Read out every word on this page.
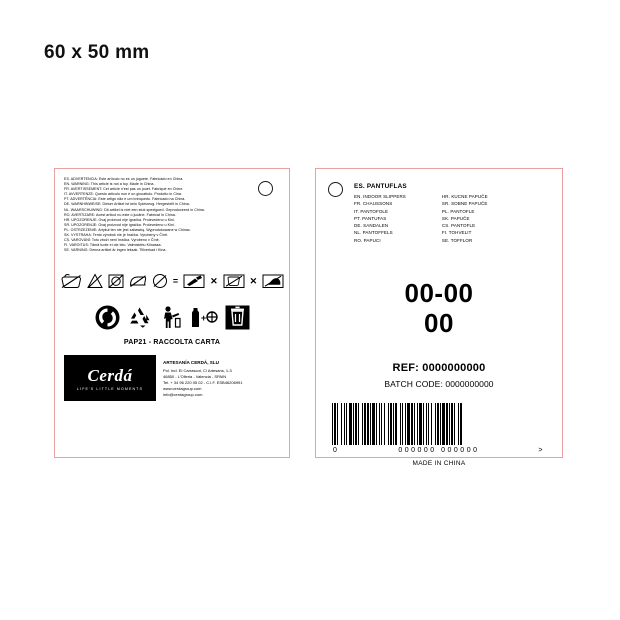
60 x 50 mm
ES. ADVERTENCIA: Este artículo no es un juguete. Fabricado en China.
EN. WARNING: This article is not a toy. Made in China.
FR. AVERTISSEMENT: Cet article n'est pas un jouet. Fabriqué en Chine.
IT. AVVERTENZE: Questo articolo non è un giocattolo. Prodotto in Cina.
PT. ADVERTÊNCIA: Este artigo não e um brinquedo. Fabricado na China.
DE. WARNHINWEISE: Dieser Artikel ist kein Spielzeug. Hergestellt in China.
NL. WAARSCHUWING: Dit artikel is niet een stuk speelgoed. Geproduceerd in China.
RO. AVERTIZARE: Acest articol nu este o jucărie. Fabricat în China.
HR. UPOZORENJE: Ovaj proizvod nije igračka. Proizvedeno u Kini.
SR. UPOZORENJE: Ovaj proizvod nije igračka. Proizvedeno u Kini.
PL. OSTRZEŻENIE: Artykuł ten nie jest zabawką. Wyprodukowane w Chinac.
SK. VYSTRAHA: Tento výrobok nie je hračka. Vyrobeny v Číně.
CS. VAROVÁNÍ: Toto zboží není hračka. Vyrobeno v Číně.
FI. VAROITUS: Tämä tuote ei ole lelu. Valmistettu Kiinassa.
SE. VARNING: Denna artikel är ingen leksak. Tillverkad i Kina.
=	✕	✕
+
PAP21 - RACCOLTA CARTA
Cerdá
LIFE'S LITTLE MOMENTS
ARTESANÍA CERDÁ, SLU
Pol. Ind. El Carrascot, C/ Artesans, 1-3
46850 - L'Olleria - Valencia - SPAIN
Tel. + 34 96 220 05 02 - C.I.F. ESB46206991
www.cerdagroup.com
info@cerdagroup.com
ES. PANTUFLAS
EN. INDOOR SLIPPERS
FR. CHAUSSONS
IT. PANTOFOLE
PT. PANTUFAS
DE. SANDALEN
NL. PANTOFFELS
RO. PAPUCI
HR. KUCNE PAPUČE
SR. SOBNE PAPUČE
PL. PANTOFLE
SK. PAPUČE
CS. PANTOFLE
FI. TOHVELIT
SE. TOFFLOR
00-00
00
REF: 0000000000
BATCH CODE: 0000000000
0	000000 000000	>
MADE IN CHINA
